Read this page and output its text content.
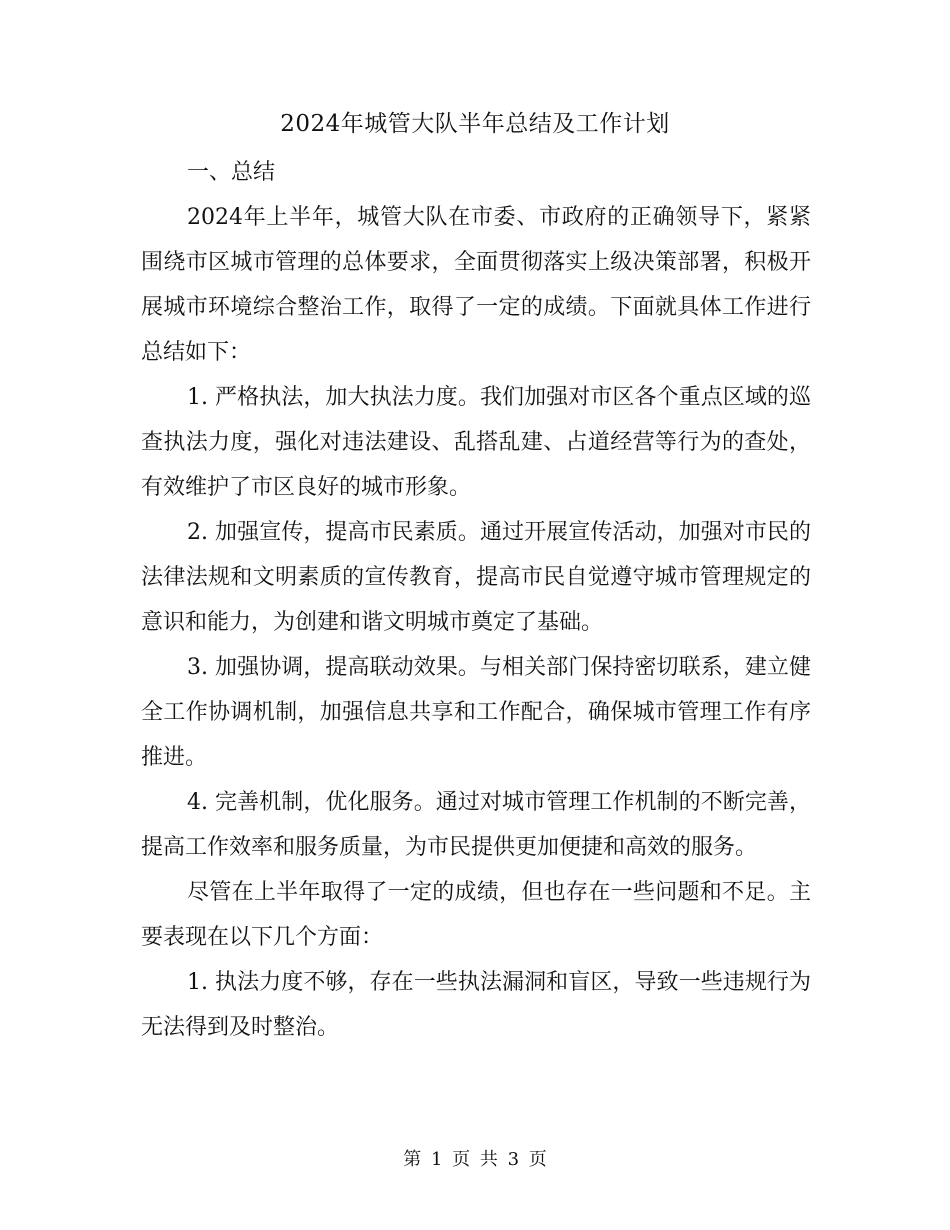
2024年城管大队半年总结及工作计划

一、总结

2024年上半年，城管大队在市委、市政府的正确领导下，紧紧围绕市区城市管理的总体要求，全面贯彻落实上级决策部署，积极开展城市环境综合整治工作，取得了一定的成绩。下面就具体工作进行总结如下：

1. 严格执法，加大执法力度。我们加强对市区各个重点区域的巡查执法力度，强化对违法建设、乱搭乱建、占道经营等行为的查处，有效维护了市区良好的城市形象。

2. 加强宣传，提高市民素质。通过开展宣传活动，加强对市民的法律法规和文明素质的宣传教育，提高市民自觉遵守城市管理规定的意识和能力，为创建和谐文明城市奠定了基础。

3. 加强协调，提高联动效果。与相关部门保持密切联系，建立健全工作协调机制，加强信息共享和工作配合，确保城市管理工作有序推进。

4. 完善机制，优化服务。通过对城市管理工作机制的不断完善，提高工作效率和服务质量，为市民提供更加便捷和高效的服务。

尽管在上半年取得了一定的成绩，但也存在一些问题和不足。主要表现在以下几个方面：

1. 执法力度不够，存在一些执法漏洞和盲区，导致一些违规行为无法得到及时整治。

第 1 页 共 3 页
